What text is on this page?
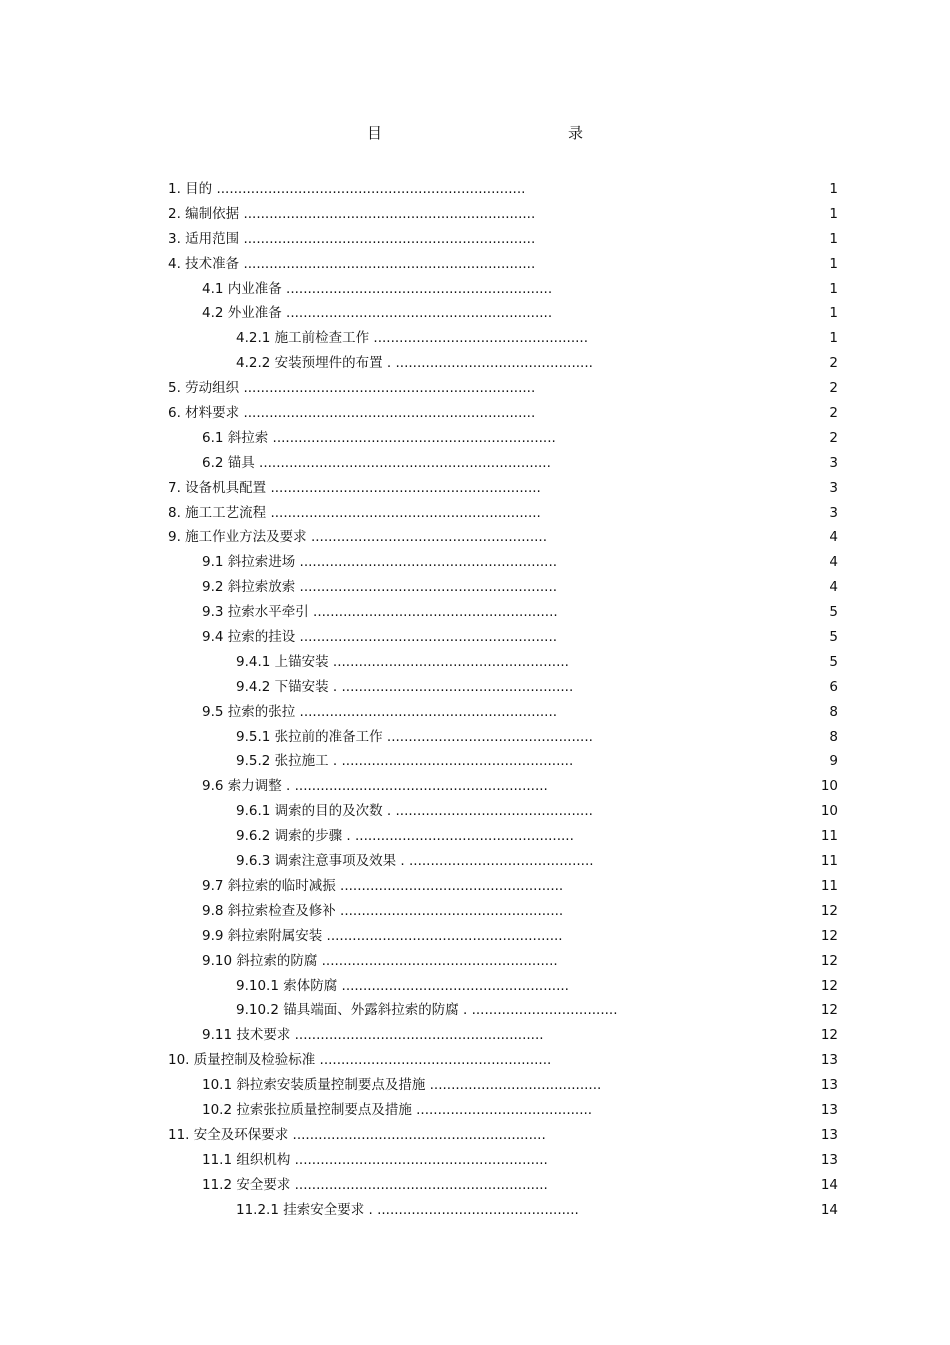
目　　录
1. 目的 ........................................................................	1
2. 编制依据 ....................................................................	1
3. 适用范围 ....................................................................	1
4. 技术准备 ....................................................................	1
4.1 内业准备 ..............................................................	1
4.2 外业准备 ..............................................................	1
4.2.1 施工前检查工作 ..................................................	1
4.2.2 安装预埋件的布置 . ..............................................	2
5. 劳动组织 ....................................................................	2
6. 材料要求 ....................................................................	2
6.1 斜拉索 ..................................................................	2
6.2 锚具 ....................................................................	3
7. 设备机具配置 ...............................................................	3
8. 施工工艺流程 ...............................................................	3
9. 施工作业方法及要求 .......................................................	4
9.1 斜拉索进场 ............................................................	4
9.2 斜拉索放索 ............................................................	4
9.3 拉索水平牵引 .........................................................	5
9.4 拉索的挂设 ............................................................	5
9.4.1 上锚安装 .......................................................	5
9.4.2 下锚安装 . ......................................................	6
9.5 拉索的张拉 ............................................................	8
9.5.1 张拉前的准备工作 ................................................	8
9.5.2 张拉施工 . ......................................................	9
9.6 索力调整 . ...........................................................	10
9.6.1 调索的目的及次数 . ..............................................	10
9.6.2 调索的步骤 . ...................................................	11
9.6.3 调索注意事项及效果 . ...........................................	11
9.7 斜拉索的临时减振 ....................................................	11
9.8 斜拉索检查及修补 ....................................................	12
9.9 斜拉索附属安装 .......................................................	12
9.10 斜拉索的防腐 .......................................................	12
9.10.1 索体防腐 .....................................................	12
9.10.2 锚具端面、外露斜拉索的防腐 . ..................................	12
9.11 技术要求 ..........................................................	12
10. 质量控制及检验标准 ......................................................	13
10.1 斜拉索安装质量控制要点及措施 ........................................	13
10.2 拉索张拉质量控制要点及措施 .........................................	13
11. 安全及环保要求 ...........................................................	13
11.1 组织机构 ...........................................................	13
11.2 安全要求 ...........................................................	14
11.2.1 挂索安全要求 . ...............................................	14
